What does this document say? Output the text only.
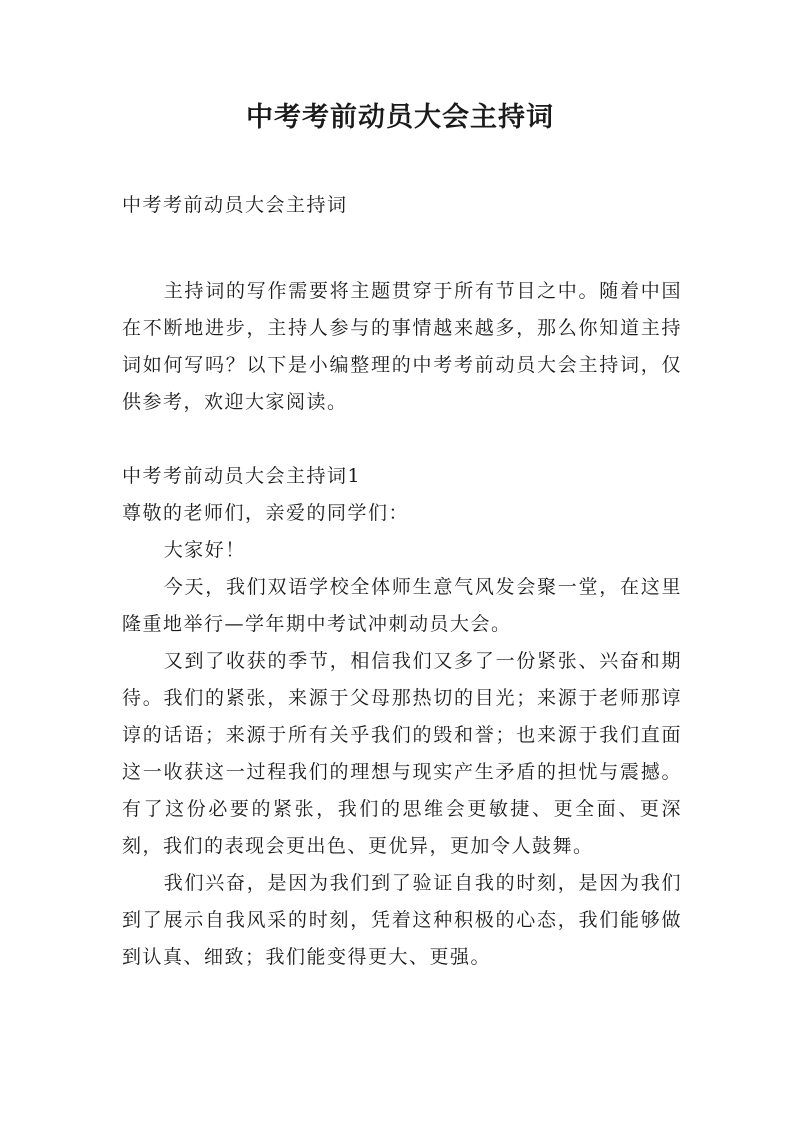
中考考前动员大会主持词

中考考前动员大会主持词

主持词的写作需要将主题贯穿于所有节目之中。随着中国在不断地进步，主持人参与的事情越来越多，那么你知道主持词如何写吗？以下是小编整理的中考考前动员大会主持词，仅供参考，欢迎大家阅读。

中考考前动员大会主持词1

尊敬的老师们，亲爱的同学们：

大家好！

今天，我们双语学校全体师生意气风发会聚一堂，在这里隆重地举行—学年期中考试冲刺动员大会。

又到了收获的季节，相信我们又多了一份紧张、兴奋和期待。我们的紧张，来源于父母那热切的目光；来源于老师那谆谆的话语；来源于所有关乎我们的毁和誉；也来源于我们直面这一收获这一过程我们的理想与现实产生矛盾的担忧与震撼。有了这份必要的紧张，我们的思维会更敏捷、更全面、更深刻，我们的表现会更出色、更优异，更加令人鼓舞。

我们兴奋，是因为我们到了验证自我的时刻，是因为我们到了展示自我风采的时刻，凭着这种积极的心态，我们能够做到认真、细致；我们能变得更大、更强。
